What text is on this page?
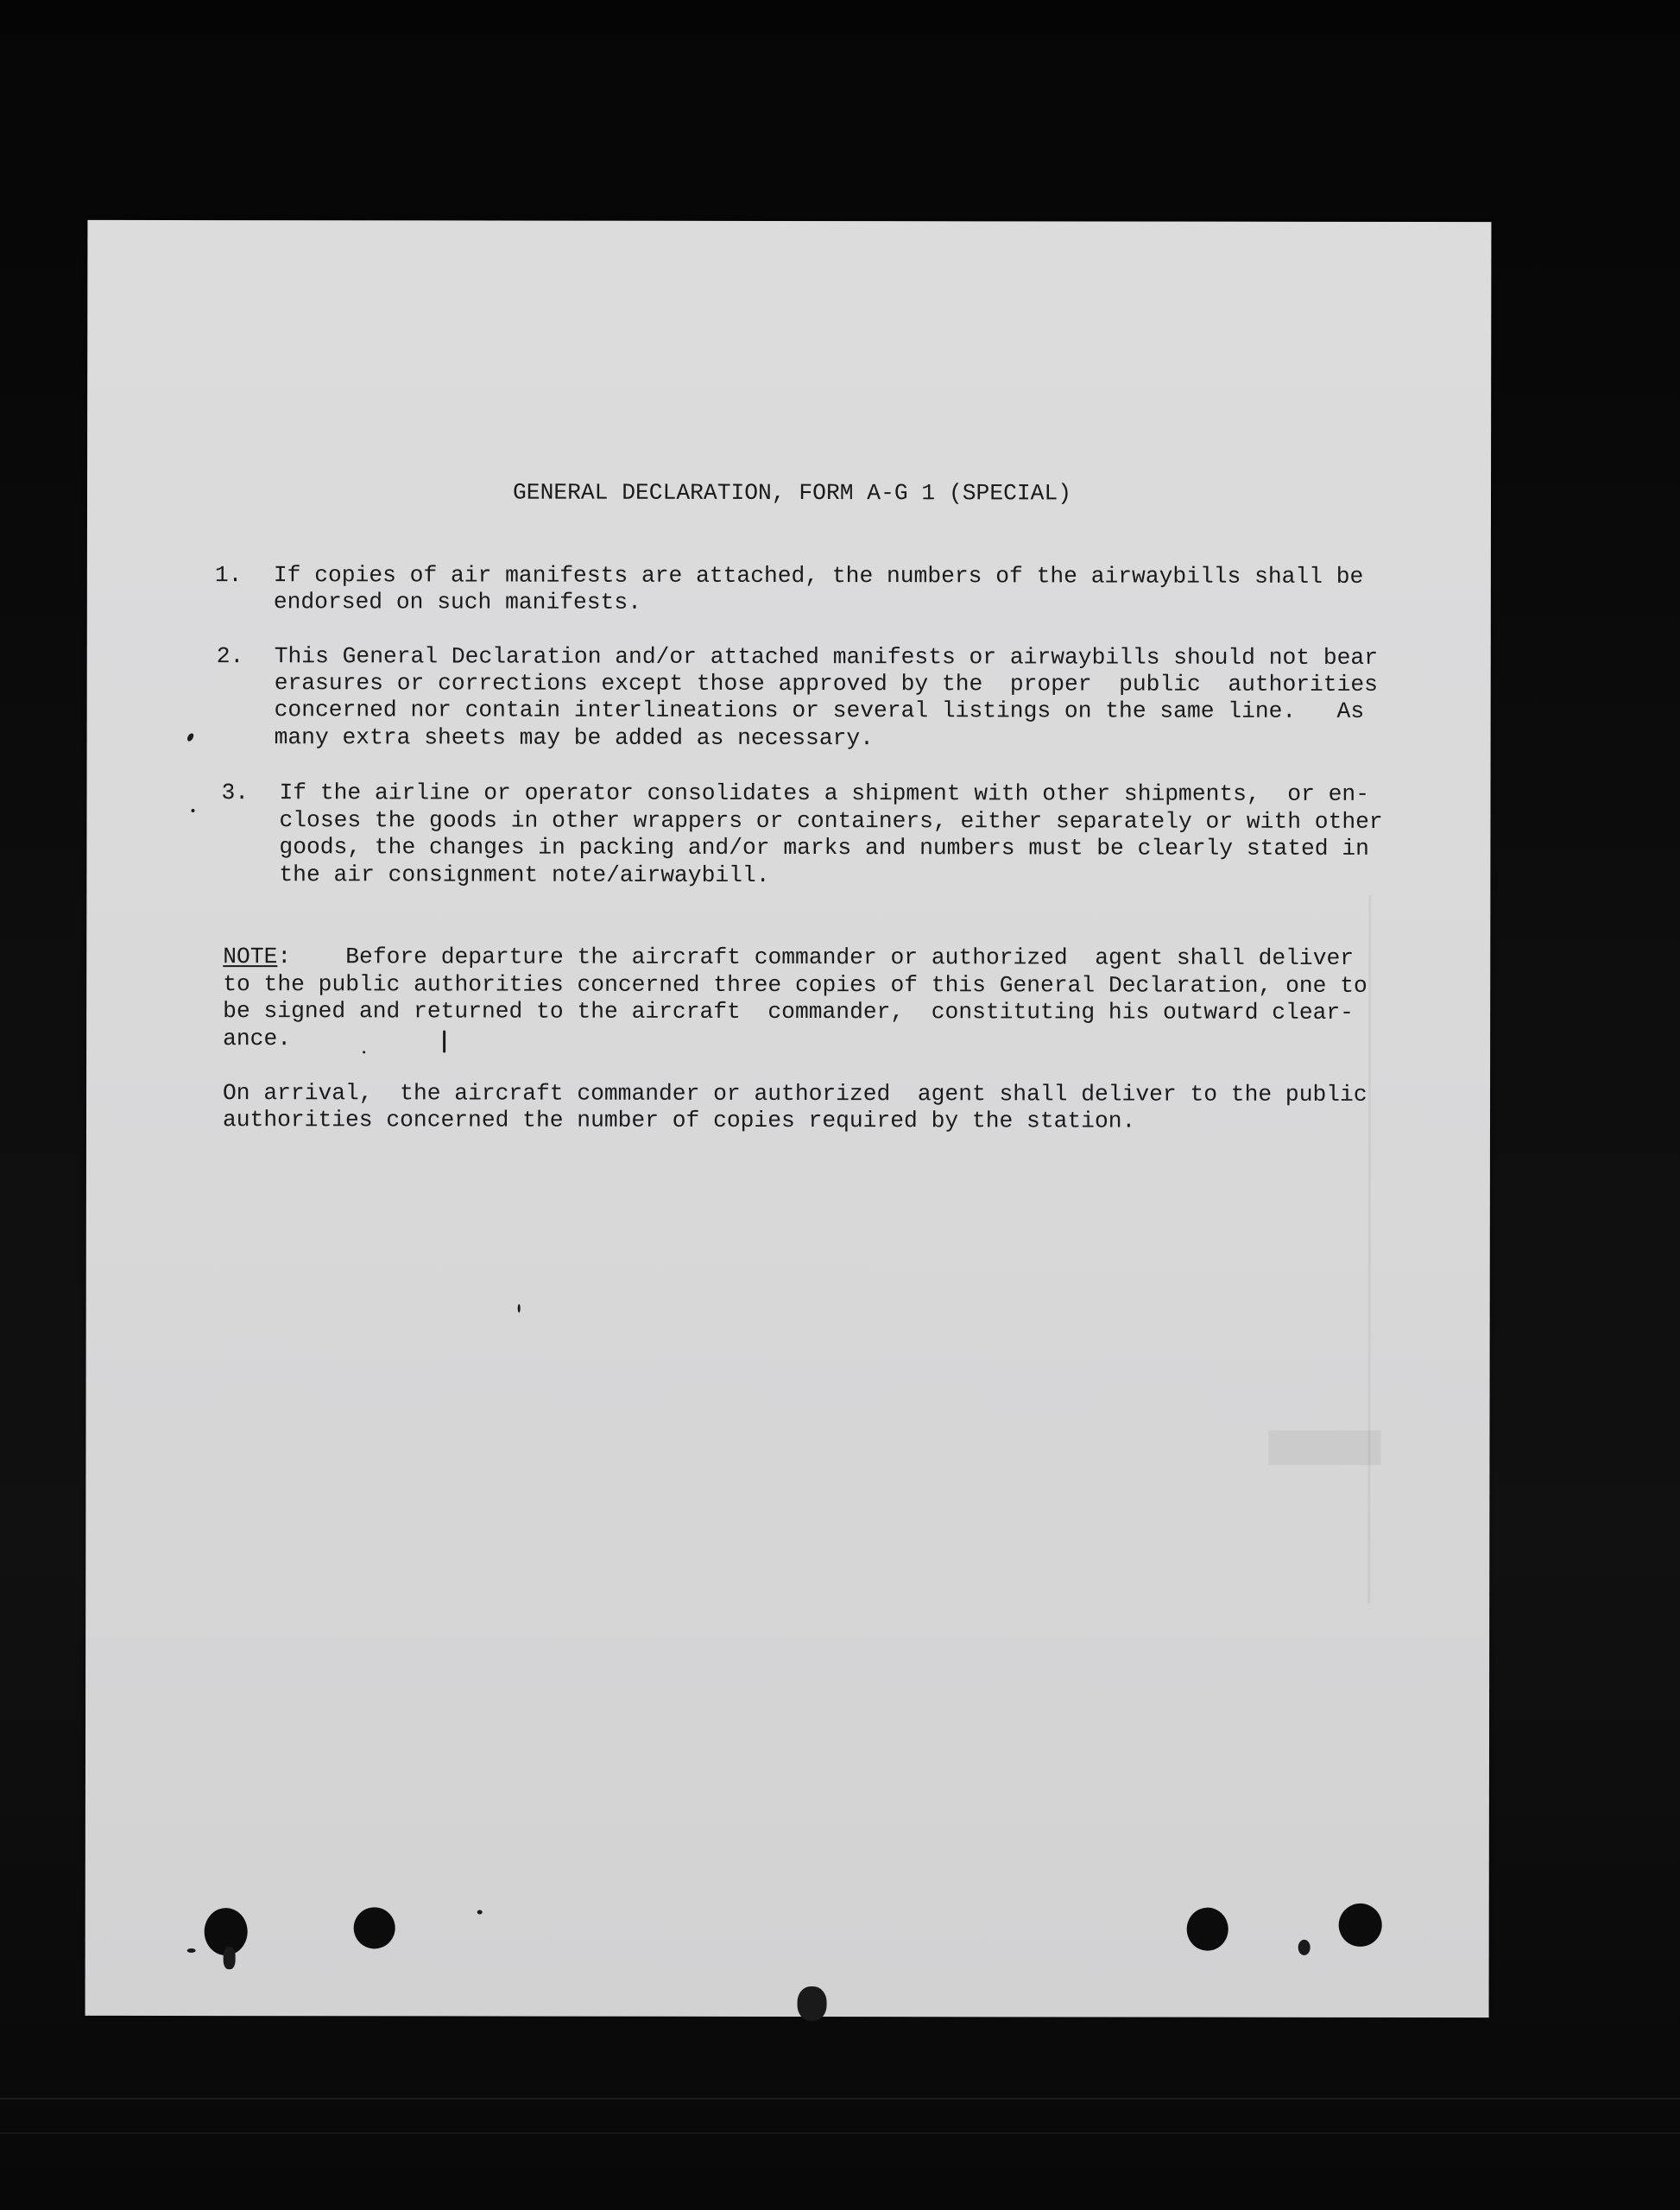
GENERAL DECLARATION, FORM A-G 1 (SPECIAL)
1. If copies of air manifests are attached, the numbers of the airwaybills shall be
endorsed on such manifests.
2. This General Declaration and/or attached manifests or airwaybills should not bear
erasures or corrections except those approved by the  proper  public  authorities
concerned nor contain interlineations or several listings on the same line.   As
many extra sheets may be added as necessary.
3. If the airline or operator consolidates a shipment with other shipments,  or en-
closes the goods in other wrappers or containers, either separately or with other
goods, the changes in packing and/or marks and numbers must be clearly stated in
the air consignment note/airwaybill.
NOTE:    Before departure the aircraft commander or authorized  agent shall deliver
to the public authorities concerned three copies of this General Declaration, one to
be signed and returned to the aircraft  commander,  constituting his outward clear-
ance.
On arrival,  the aircraft commander or authorized  agent shall deliver to the public
authorities concerned the number of copies required by the station.
